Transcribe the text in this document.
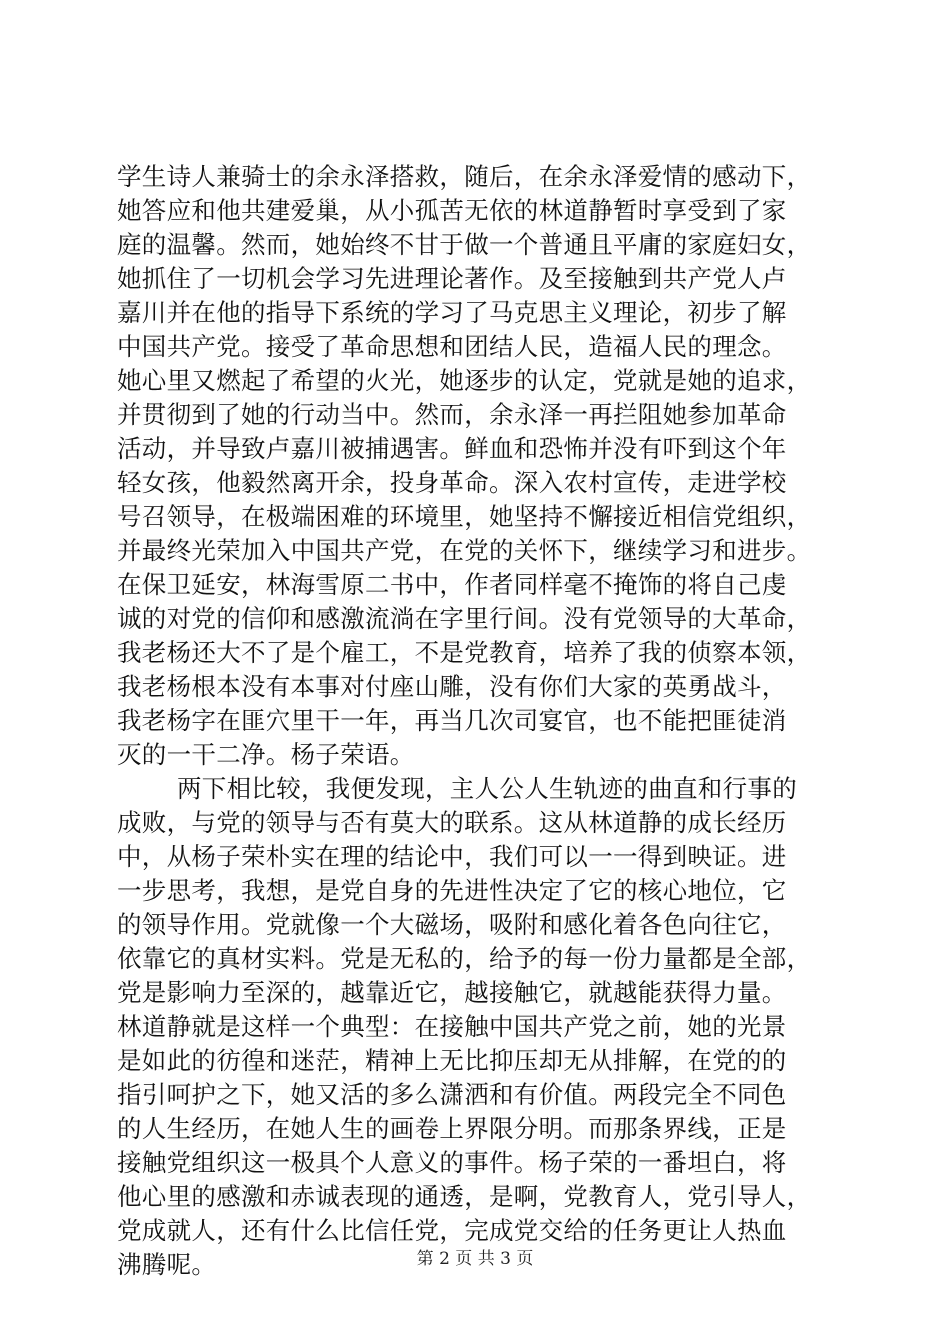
学生诗人兼骑士的余永泽搭救，随后，在余永泽爱情的感动下，
她答应和他共建爱巢，从小孤苦无依的林道静暂时享受到了家
庭的温馨。然而，她始终不甘于做一个普通且平庸的家庭妇女，
她抓住了一切机会学习先进理论著作。及至接触到共产党人卢
嘉川并在他的指导下系统的学习了马克思主义理论，初步了解
中国共产党。接受了革命思想和团结人民，造福人民的理念。
她心里又燃起了希望的火光，她逐步的认定，党就是她的追求，
并贯彻到了她的行动当中。然而，余永泽一再拦阻她参加革命
活动，并导致卢嘉川被捕遇害。鲜血和恐怖并没有吓到这个年
轻女孩，他毅然离开余，投身革命。深入农村宣传，走进学校
号召领导，在极端困难的环境里，她坚持不懈接近相信党组织，
并最终光荣加入中国共产党，在党的关怀下，继续学习和进步。
在保卫延安，林海雪原二书中，作者同样毫不掩饰的将自己虔
诚的对党的信仰和感激流淌在字里行间。没有党领导的大革命，
我老杨还大不了是个雇工，不是党教育，培养了我的侦察本领，
我老杨根本没有本事对付座山雕，没有你们大家的英勇战斗，
我老杨字在匪穴里干一年，再当几次司宴官，也不能把匪徒消
灭的一干二净。杨子荣语。
两下相比较，我便发现，主人公人生轨迹的曲直和行事的
成败，与党的领导与否有莫大的联系。这从林道静的成长经历
中，从杨子荣朴实在理的结论中，我们可以一一得到映证。进
一步思考，我想，是党自身的先进性决定了它的核心地位，它
的领导作用。党就像一个大磁场，吸附和感化着各色向往它，
依靠它的真材实料。党是无私的，给予的每一份力量都是全部，
党是影响力至深的，越靠近它，越接触它，就越能获得力量。
林道静就是这样一个典型：在接触中国共产党之前，她的光景
是如此的彷徨和迷茫，精神上无比抑压却无从排解，在党的的
指引呵护之下，她又活的多么潇洒和有价值。两段完全不同色
的人生经历，在她人生的画卷上界限分明。而那条界线，正是
接触党组织这一极具个人意义的事件。杨子荣的一番坦白，将
他心里的感激和赤诚表现的通透，是啊，党教育人，党引导人，
党成就人，还有什么比信任党，完成党交给的任务更让人热血
沸腾呢。	第 2 页 共 3 页
